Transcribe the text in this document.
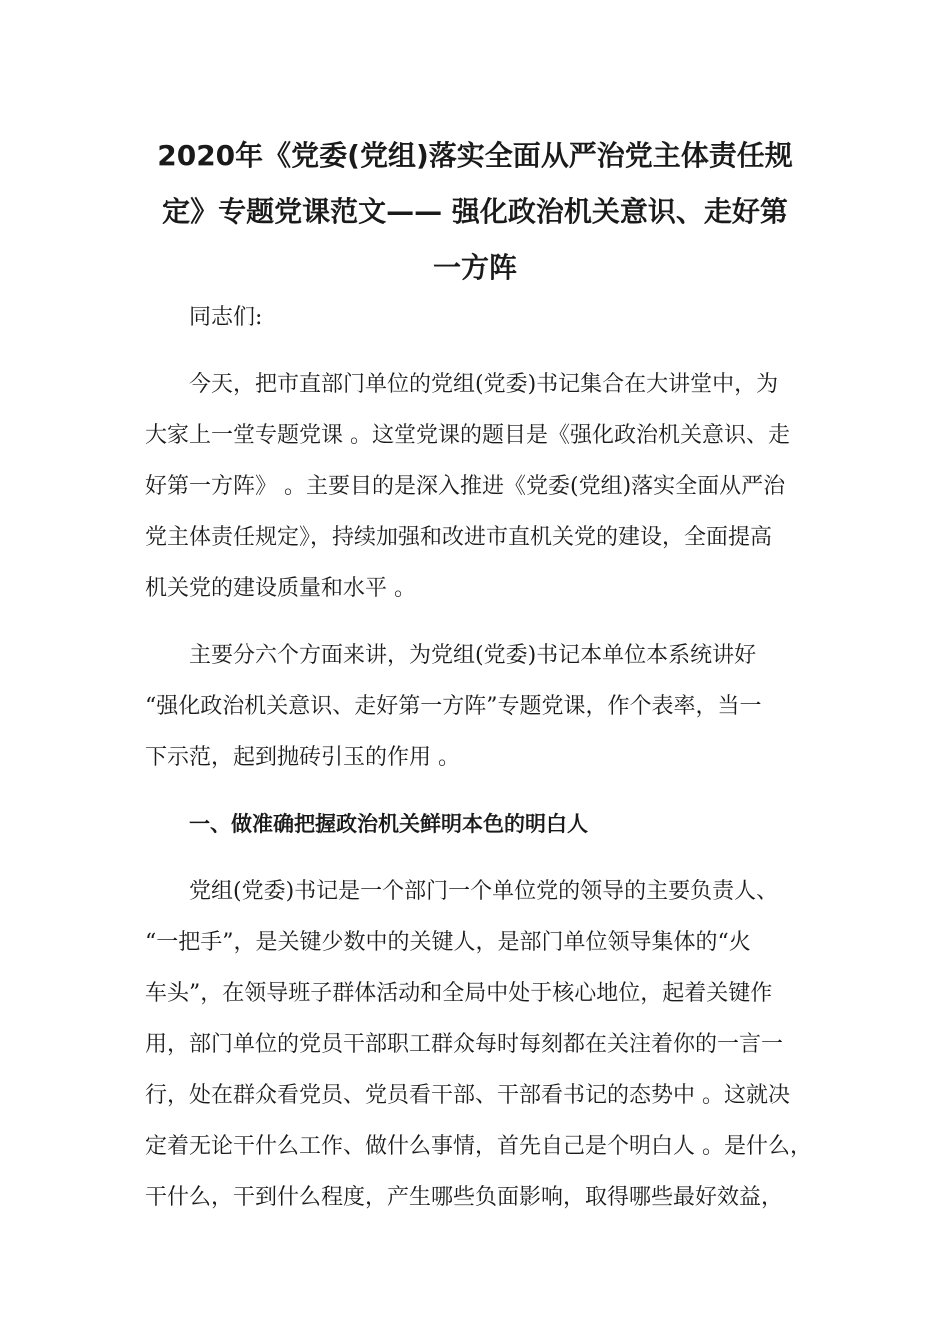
2020年《党委(党组)落实全面从严治党主体责任规
定》专题党课范文—— 强化政治机关意识、走好第
一方阵

同志们:

今天，把市直部门单位的党组(党委)书记集合在大讲堂中，为
大家上一堂专题党课 。这堂党课的题目是《强化政治机关意识、走
好第一方阵》 。主要目的是深入推进《党委(党组)落实全面从严治
党主体责任规定》，持续加强和改进市直机关党的建设，全面提高
机关党的建设质量和水平 。

主要分六个方面来讲，为党组(党委)书记本单位本系统讲好
“强化政治机关意识、走好第一方阵”专题党课，作个表率，当一
下示范，起到抛砖引玉的作用 。

一、做准确把握政治机关鲜明本色的明白人

党组(党委)书记是一个部门一个单位党的领导的主要负责人、
“一把手”，是关键少数中的关键人，是部门单位领导集体的“火
车头”，在领导班子群体活动和全局中处于核心地位，起着关键作
用，部门单位的党员干部职工群众每时每刻都在关注着你的一言一
行，处在群众看党员、党员看干部、干部看书记的态势中 。这就决
定着无论干什么工作、做什么事情，首先自己是个明白人 。是什么，
干什么，干到什么程度，产生哪些负面影响，取得哪些最好效益，
